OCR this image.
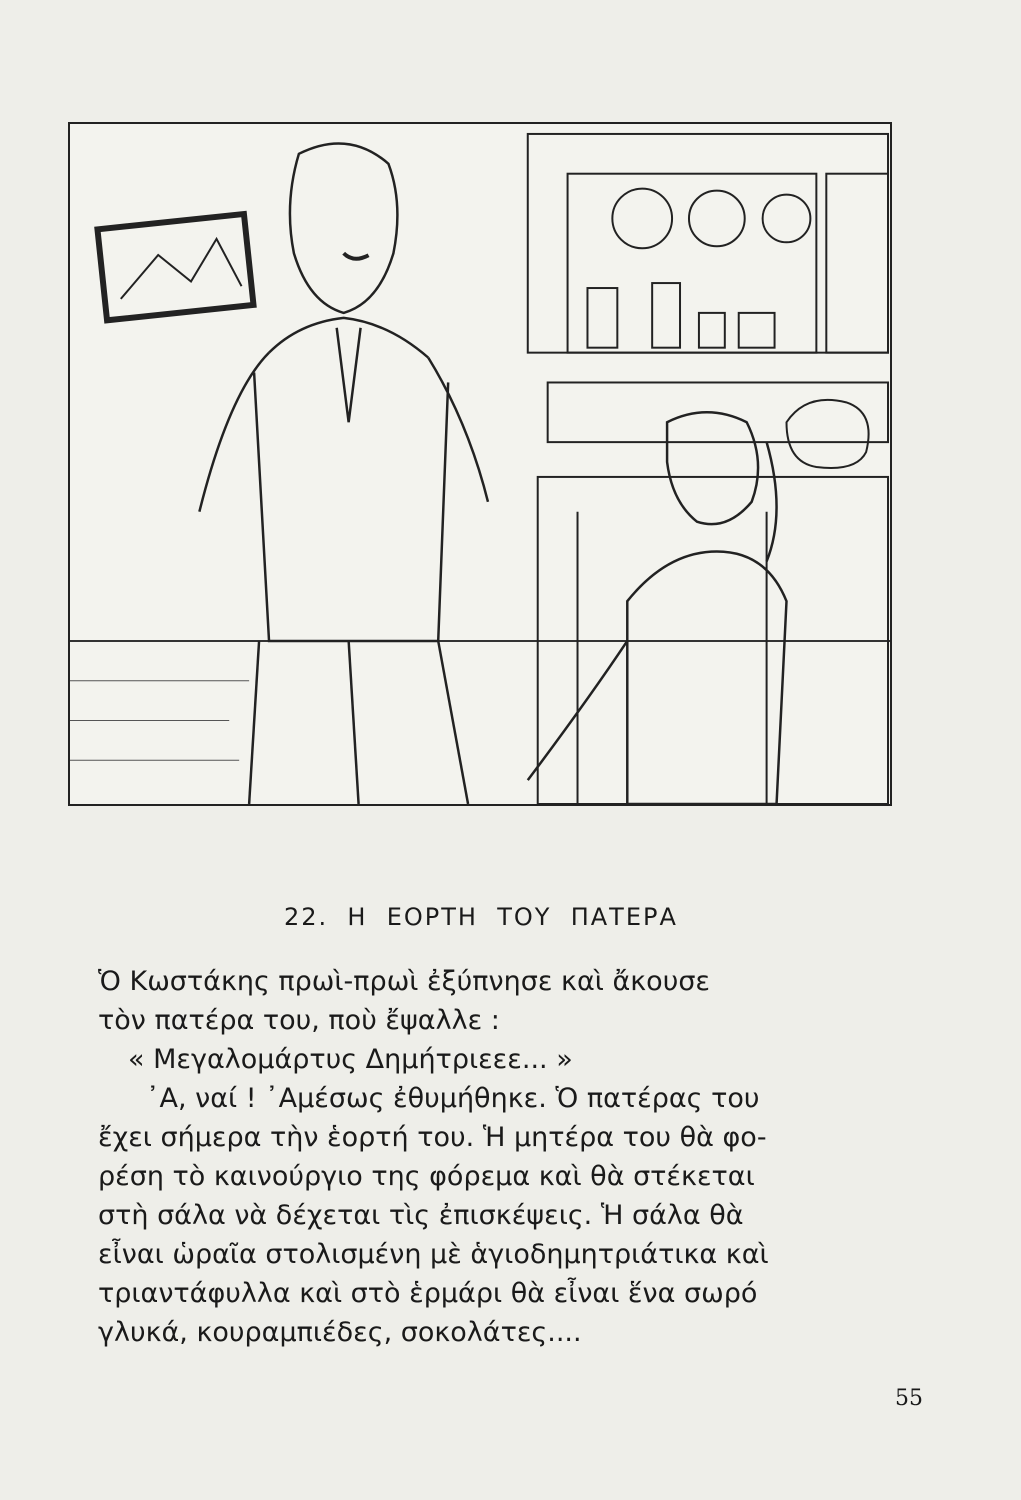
22.  Η  ΕΟΡΤΗ  ΤΟΥ  ΠΑΤΕΡΑ
Ὁ Κωστάκης πρωὶ-πρωὶ ἐξύπνησε καὶ ἄκουσε
τὸν πατέρα του, ποὺ ἔψαλλε :
« Μεγαλομάρτυς Δημήτριεεε... »
᾿Α, ναί ! ᾿Αμέσως ἐθυμήθηκε. Ὁ πατέρας του
ἔχει σήμερα τὴν ἑορτή του. Ἡ μητέρα του θὰ φο-
ρέση τὸ καινούργιο της φόρεμα καὶ θὰ στέκεται
στὴ σάλα νὰ δέχεται τὶς ἐπισκέψεις. Ἡ σάλα θὰ
εἶναι ὡραῖα στολισμένη μὲ ἁγιοδημητριάτικα καὶ
τριαντάφυλλα καὶ στὸ ἑρμάρι θὰ εἶναι ἕνα σωρό
γλυκά, κουραμπιέδες, σοκολάτες....
55
